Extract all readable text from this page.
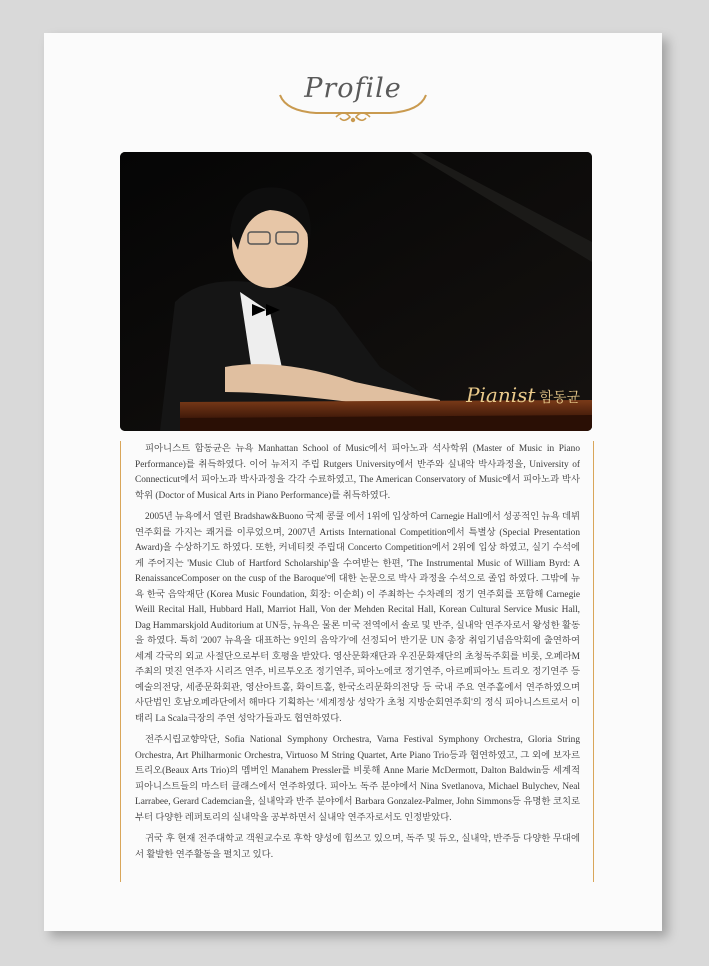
Profile
Pianist 함동균

피아니스트 함동균은 뉴욕 Manhattan School of Music에서 피아노과 석사학위 (Master of Music in Piano Performance)를 취득하였다. 이어 뉴저지 주립 Rutgers University에서 반주와 실내악 박사과정을, University of Connecticut에서 피아노과 박사과정을 각각 수료하였고, The American Conservatory of Music에서 피아노과 박사학위 (Doctor of Musical Arts in Piano Performance)를 취득하였다.

2005년 뉴욕에서 열린 Bradshaw&Buono 국제 콩쿨 에서 1위에 입상하여 Carnegie Hall에서 성공적인 뉴욕 데뷔 연주회를 가지는 쾌거를 이루었으며, 2007년 Artists International Competition에서 특별상 (Special Presentation Award)을 수상하기도 하였다. 또한, 커네티컷 주립대 Concerto Competition에서 2위에 입상 하였고, 실기 수석에게 주어지는 'Music Club of Hartford Scholarship'을 수여받는 한편, 'The Instrumental Music of William Byrd: A RenaissanceComposer on the cusp of the Baroque'에 대한 논문으로 박사 과정을 수석으로 졸업 하였다. 그밖에 뉴욕 한국 음악재단 (Korea Music Foundation, 회장: 이순희) 이 주최하는 수차례의 정기 연주회를 포함해 Carnegie Weill Recital Hall, Hubbard Hall, Marriot Hall, Von der Mehden Recital Hall, Korean Cultural Service Music Hall, Dag Hammarskjold Auditorium at UN등, 뉴욕은 물론 미국 전역에서 솔로 및 반주, 실내악 연주자로서 왕성한 활동을 하였다. 특히 '2007 뉴욕을 대표하는 9인의 음악가'에 선정되어 반기문 UN 총장 취임기념음악회에 출연하여 세계 각국의 외교 사절단으로부터 호평을 받았다. 영산문화재단과 우진문화재단의 초청독주회를 비롯, 오페라M 주최의 멋진 연주자 시리즈 연주, 비르투오조 정기연주, 피아노에코 정기연주, 아르페피아노 트리오 정기연주 등 예술의전당, 세종문화회관, 영산아트홀, 화이트홀, 한국소리문화의전당 등 국내 주요 연주홀에서 연주하였으며 사단법인 호남오페라단에서 해마다 기획하는 '세계정상 성악가 초청 지방순회연주회'의 정식 피아니스트로서 이태리 La Scala극장의 주연 성악가들과도 협연하였다.

전주시립교향악단, Sofia National Symphony Orchestra, Varna Festival Symphony Orchestra, Gloria String Orchestra, Art Philharmonic Orchestra, Virtuoso M String Quartet, Arte Piano Trio등과 협연하였고, 그 외에 보자르트리오(Beaux Arts Trio)의 멤버인 Manahem Pressler를 비롯해 Anne Marie McDermott, Dalton Baldwin등 세계적 피아니스트들의 마스터 클래스에서 연주하였다. 피아노 독주 분야에서 Nina Svetlanova, Michael Bulychev, Neal Larrabee, Gerard Cademcian을, 실내악과 반주 분야에서 Barbara Gonzalez-Palmer, John Simmons등 유명한 코치로부터 다양한 레퍼토리의 실내악을 공부하면서 실내악 연주자로서도 인정받았다.

귀국 후 현재 전주대학교 객원교수로 후학 양성에 힘쓰고 있으며, 독주 및 듀오, 실내악, 반주등 다양한 무대에서 활발한 연주활동을 펼치고 있다.
